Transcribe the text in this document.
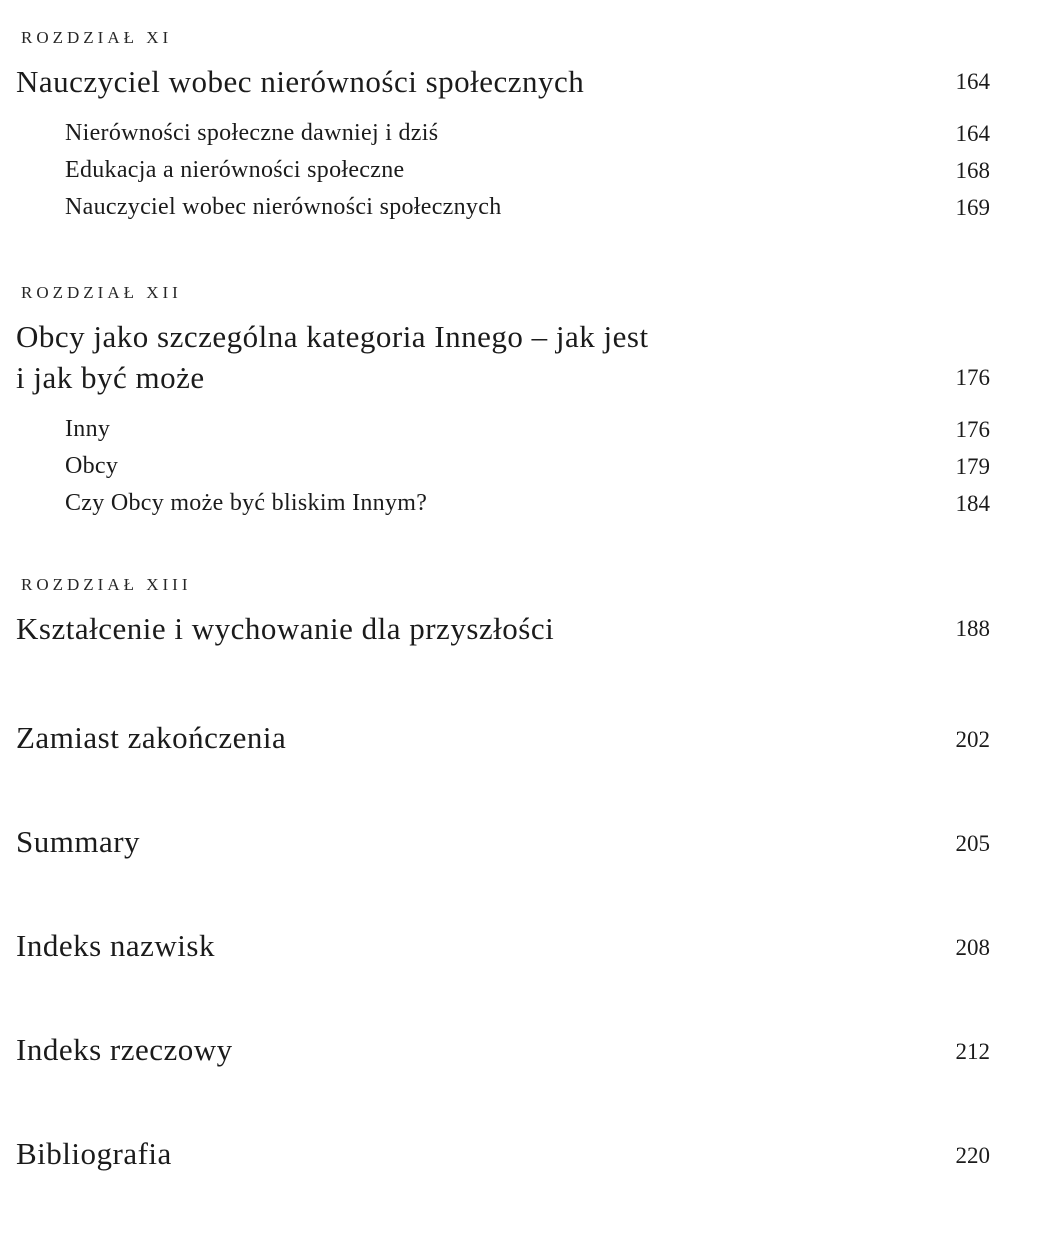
ROZDZIAŁ XI
Nauczyciel wobec nierówności społecznych	164
Nierówności społeczne dawniej i dziś	164
Edukacja a nierówności społeczne	168
Nauczyciel wobec nierówności społecznych	169
ROZDZIAŁ XII
Obcy jako szczególna kategoria Innego – jak jest
i jak być może	176
Inny	176
Obcy	179
Czy Obcy może być bliskim Innym?	184
ROZDZIAŁ XIII
Kształcenie i wychowanie dla przyszłości	188
Zamiast zakończenia	202
Summary	205
Indeks nazwisk	208
Indeks rzeczowy	212
Bibliografia	220
